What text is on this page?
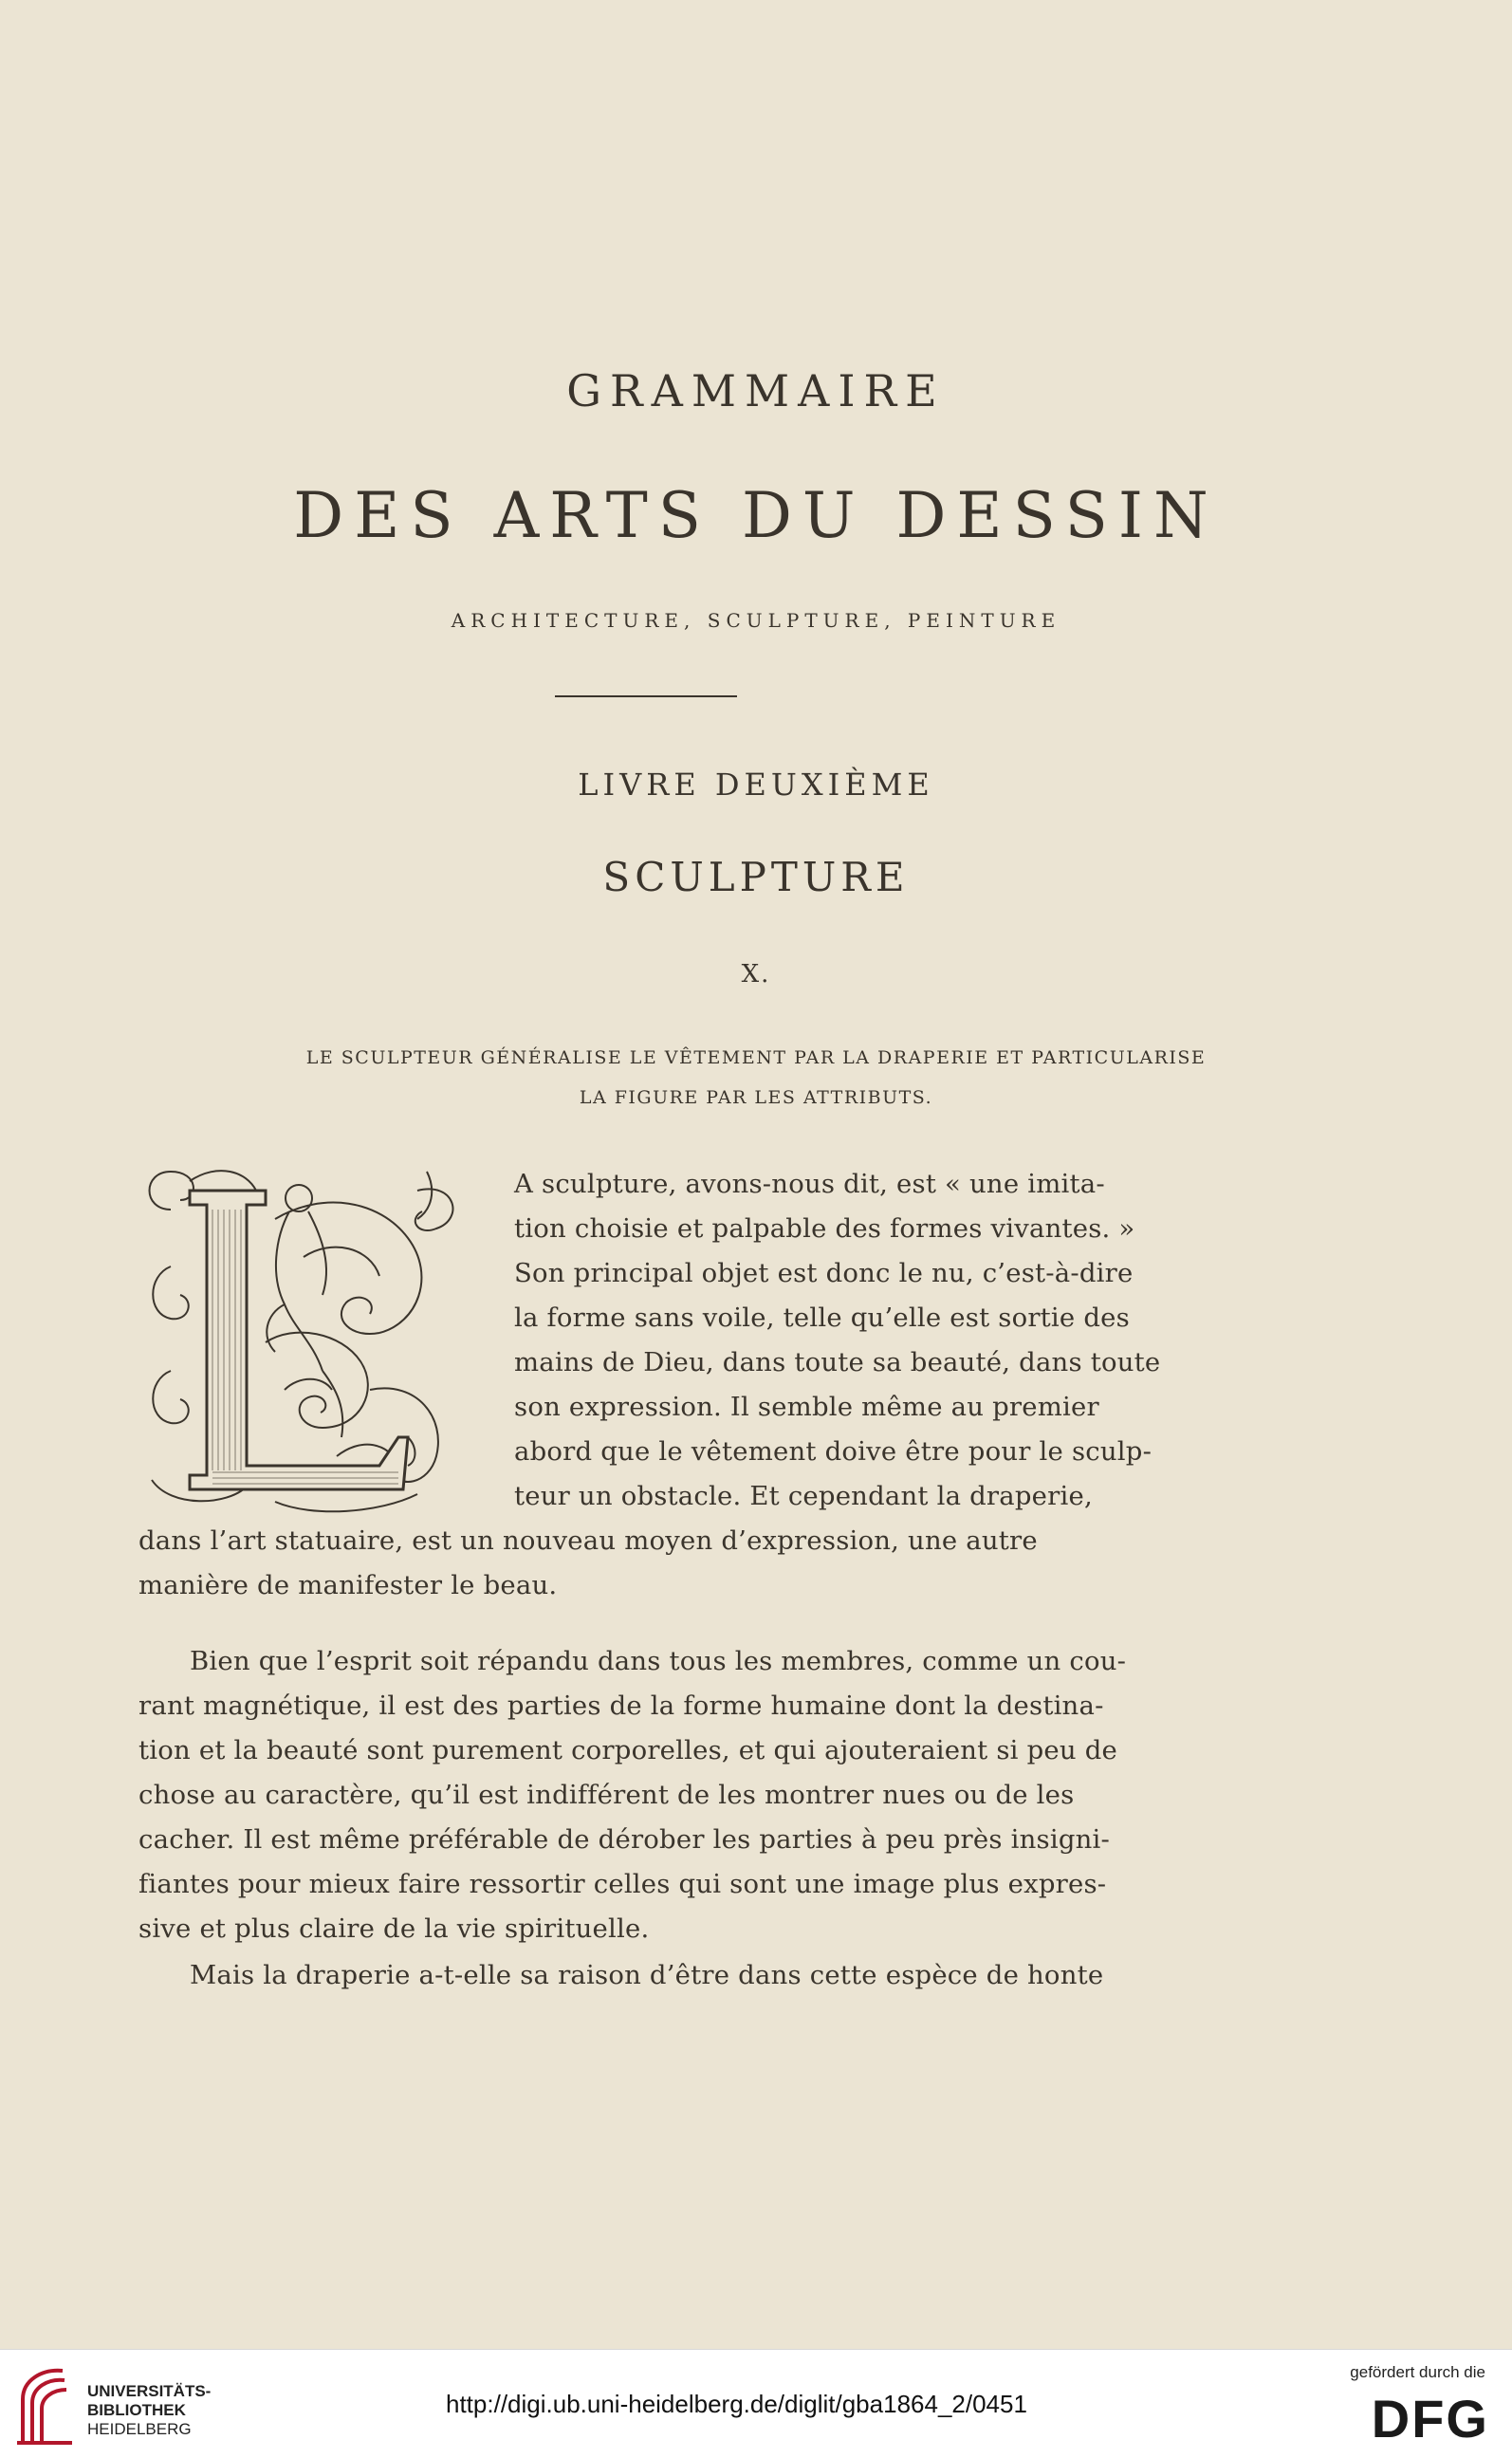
GRAMMAIRE
DES ARTS DU DESSIN
ARCHITECTURE, SCULPTURE, PEINTURE
LIVRE DEUXIÈME
SCULPTURE
X.
LE SCULPTEUR GÉNÉRALISE LE VÊTEMENT PAR LA DRAPERIE ET PARTICULARISE
LA FIGURE PAR LES ATTRIBUTS.
A sculpture, avons-nous dit, est « une imita-
tion choisie et palpable des formes vivantes. »
Son principal objet est donc le nu, c’est-à-dire
la forme sans voile, telle qu’elle est sortie des
mains de Dieu, dans toute sa beauté, dans toute
son expression. Il semble même au premier
abord que le vêtement doive être pour le sculp-
teur un obstacle. Et cependant la draperie,
dans l’art statuaire, est un nouveau moyen d’expression, une autre
manière de manifester le beau.
Bien que l’esprit soit répandu dans tous les membres, comme un cou-
rant magnétique, il est des parties de la forme humaine dont la destina-
tion et la beauté sont purement corporelles, et qui ajouteraient si peu de
chose au caractère, qu’il est indifférent de les montrer nues ou de les
cacher. Il est même préférable de dérober les parties à peu près insigni-
fiantes pour mieux faire ressortir celles qui sont une image plus expres-
sive et plus claire de la vie spirituelle.
Mais la draperie a-t-elle sa raison d’être dans cette espèce de honte
UNIVERSITÄTS-
BIBLIOTHEK
HEIDELBERG
http://digi.ub.uni-heidelberg.de/diglit/gba1864_2/0451
gefördert durch die
DFG
